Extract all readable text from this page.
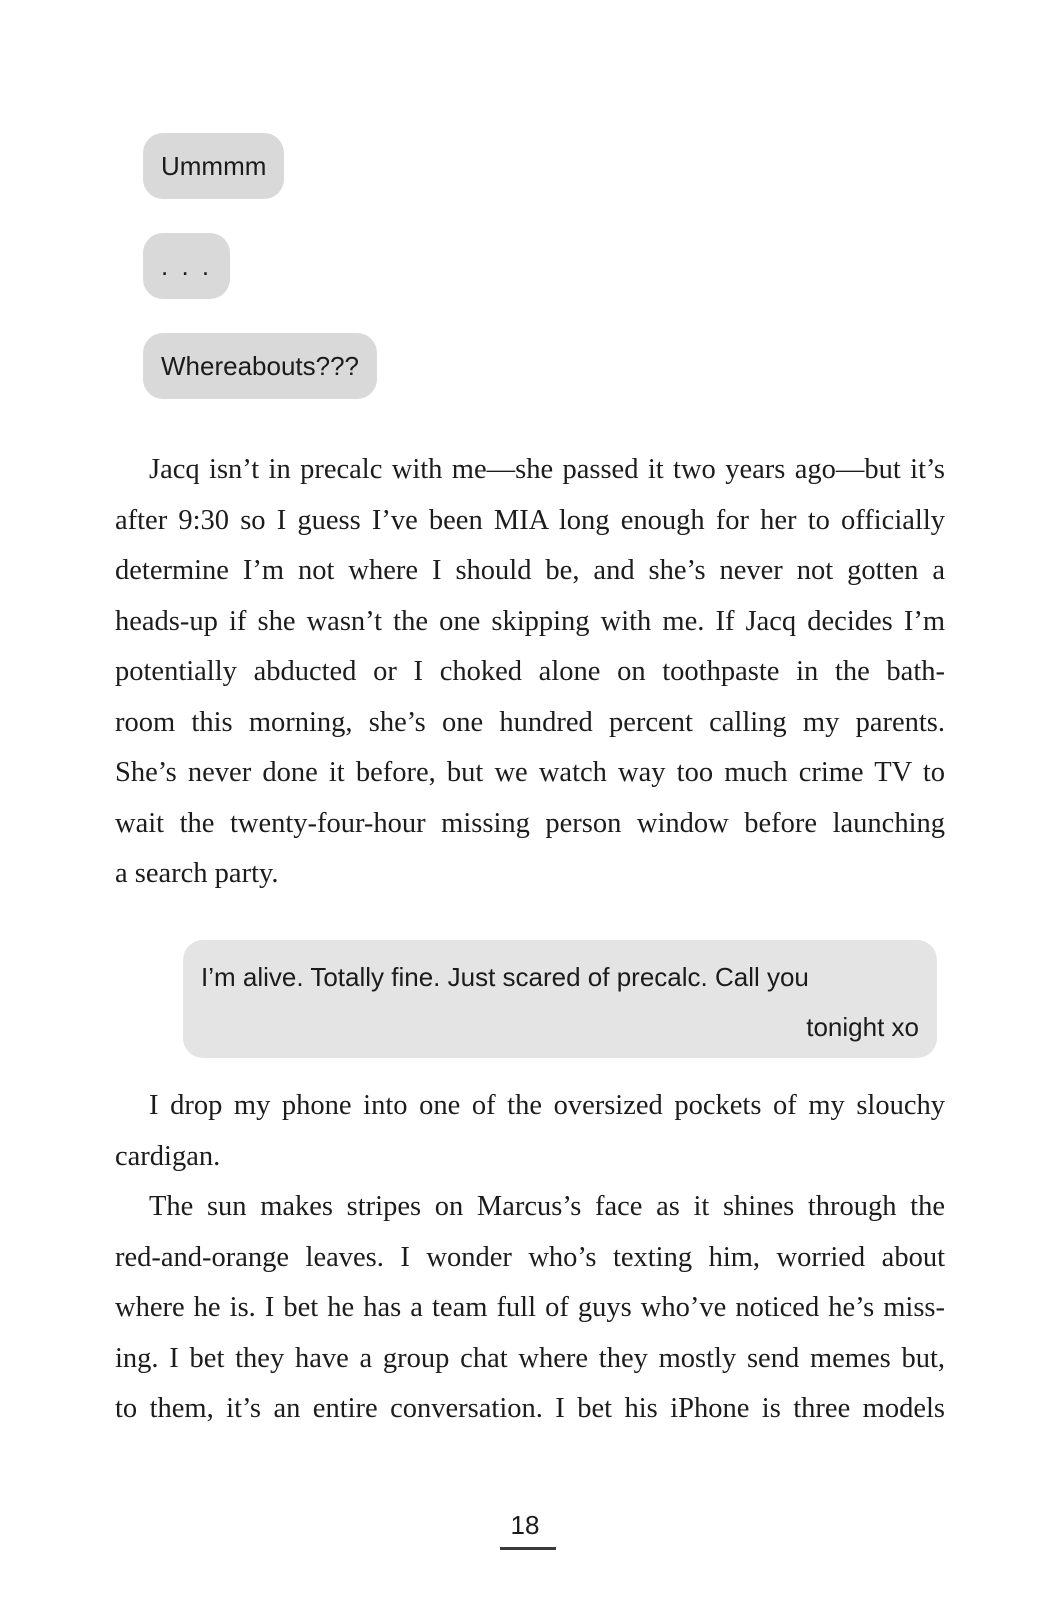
Ummmm
. . .
Whereabouts???
Jacq isn’t in precalc with me—she passed it two years ago—but it’s
after 9:30 so I guess I’ve been MIA long enough for her to officially
determine I’m not where I should be, and she’s never not gotten a
heads-up if she wasn’t the one skipping with me. If Jacq decides I’m
potentially abducted or I choked alone on toothpaste in the bath-
room this morning, she’s one hundred percent calling my parents.
She’s never done it before, but we watch way too much crime TV to
wait the twenty-four-hour missing person window before launching
a search party.
I’m alive. Totally fine. Just scared of precalc. Call you
tonight xo
I drop my phone into one of the oversized pockets of my slouchy
cardigan.
The sun makes stripes on Marcus’s face as it shines through the
red-and-orange leaves. I wonder who’s texting him, worried about
where he is. I bet he has a team full of guys who’ve noticed he’s miss-
ing. I bet they have a group chat where they mostly send memes but,
to them, it’s an entire conversation. I bet his iPhone is three models
18
